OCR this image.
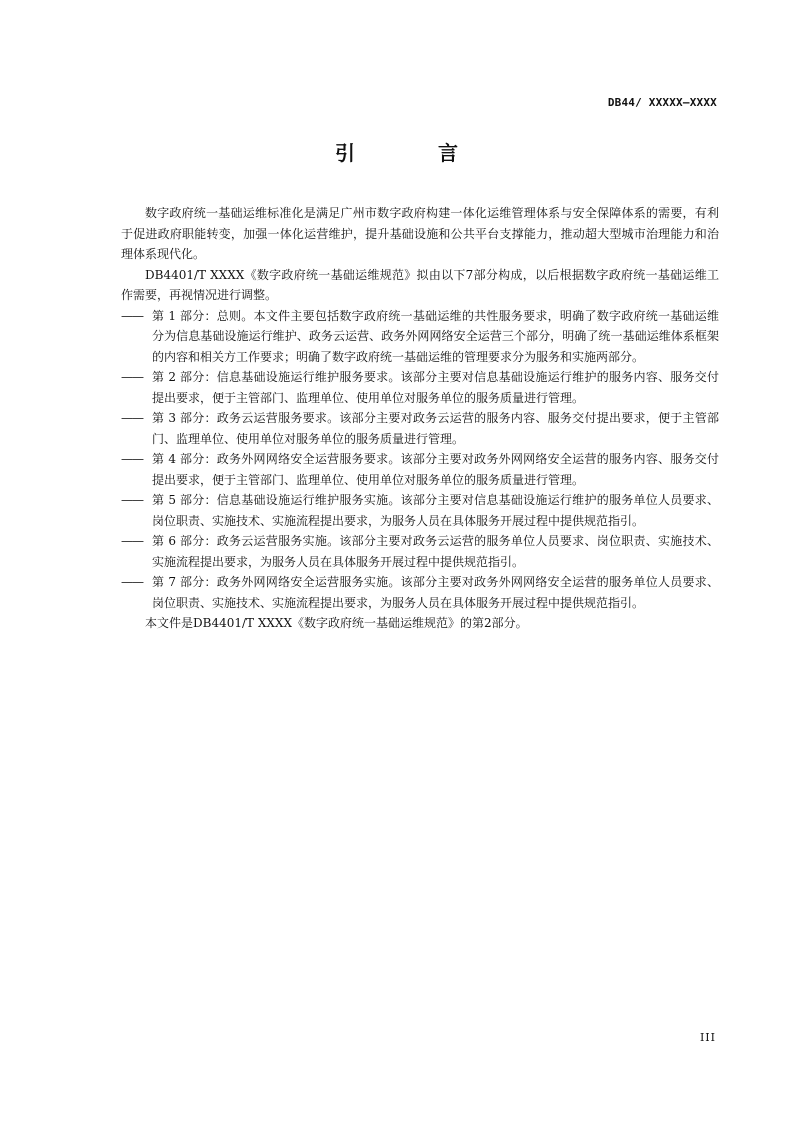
DB44/ XXXXX—XXXX
引 言

数字政府统一基础运维标准化是满足广州市数字政府构建一体化运维管理体系与安全保障体系的需要，有利于促进政府职能转变，加强一体化运营维护，提升基础设施和公共平台支撑能力，推动超大型城市治理能力和治理体系现代化。

DB4401/T XXXX《数字政府统一基础运维规范》拟由以下7部分构成，以后根据数字政府统一基础运维工作需要，再视情况进行调整。

—— 第 1 部分：总则。本文件主要包括数字政府统一基础运维的共性服务要求，明确了数字政府统一基础运维分为信息基础设施运行维护、政务云运营、政务外网网络安全运营三个部分，明确了统一基础运维体系框架的内容和相关方工作要求；明确了数字政府统一基础运维的管理要求分为服务和实施两部分。

—— 第 2 部分：信息基础设施运行维护服务要求。该部分主要对信息基础设施运行维护的服务内容、服务交付提出要求，便于主管部门、监理单位、使用单位对服务单位的服务质量进行管理。

—— 第 3 部分：政务云运营服务要求。该部分主要对政务云运营的服务内容、服务交付提出要求，便于主管部门、监理单位、使用单位对服务单位的服务质量进行管理。

—— 第 4 部分：政务外网网络安全运营服务要求。该部分主要对政务外网网络安全运营的服务内容、服务交付提出要求，便于主管部门、监理单位、使用单位对服务单位的服务质量进行管理。

—— 第 5 部分：信息基础设施运行维护服务实施。该部分主要对信息基础设施运行维护的服务单位人员要求、岗位职责、实施技术、实施流程提出要求，为服务人员在具体服务开展过程中提供规范指引。

—— 第 6 部分：政务云运营服务实施。该部分主要对政务云运营的服务单位人员要求、岗位职责、实施技术、实施流程提出要求，为服务人员在具体服务开展过程中提供规范指引。

—— 第 7 部分：政务外网网络安全运营服务实施。该部分主要对政务外网网络安全运营的服务单位人员要求、岗位职责、实施技术、实施流程提出要求，为服务人员在具体服务开展过程中提供规范指引。

本文件是DB4401/T XXXX《数字政府统一基础运维规范》的第2部分。

III
